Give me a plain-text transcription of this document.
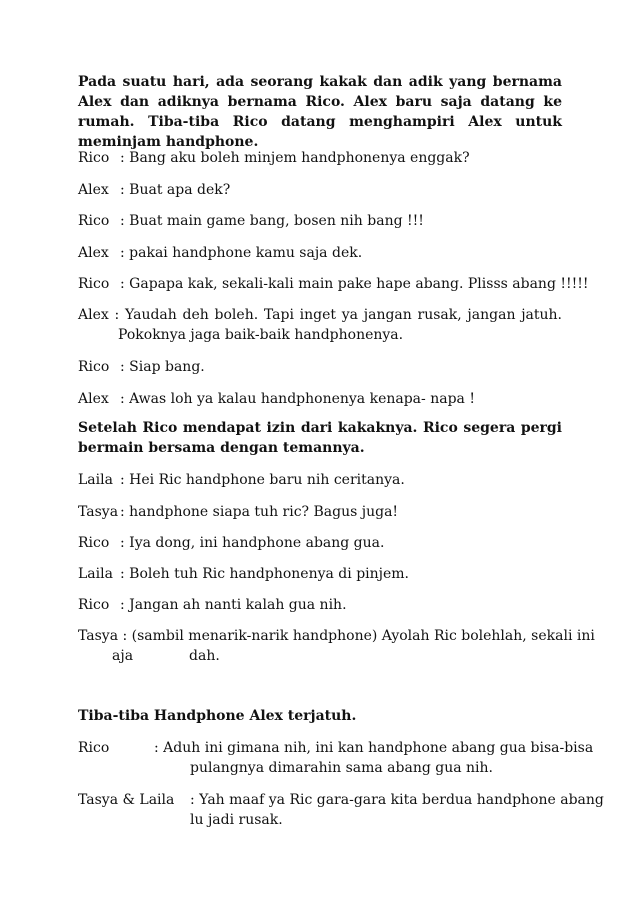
Pada suatu hari, ada seorang kakak dan adik yang bernama Alex dan adiknya bernama Rico. Alex baru saja datang ke rumah. Tiba-tiba Rico datang menghampiri Alex untuk meminjam handphone.
Rico : Bang aku boleh minjem handphonenya enggak?
Alex : Buat apa dek?
Rico : Buat main game bang, bosen nih bang !!!
Alex : pakai handphone kamu saja dek.
Rico : Gapapa kak, sekali-kali main pake hape abang. Plisss abang !!!!!
Alex : Yaudah deh boleh. Tapi inget ya jangan rusak, jangan jatuh.
Pokoknya jaga baik-baik handphonenya.
Rico : Siap bang.
Alex : Awas loh ya kalau handphonenya kenapa- napa !
Setelah Rico mendapat izin dari kakaknya. Rico segera pergi bermain bersama dengan temannya.
Laila : Hei Ric handphone baru nih ceritanya.
Tasya : handphone siapa tuh ric? Bagus juga!
Rico : Iya dong, ini handphone abang gua.
Laila : Boleh tuh Ric handphonenya di pinjem.
Rico : Jangan ah nanti kalah gua nih.
Tasya : (sambil menarik-narik handphone) Ayolah Ric bolehlah, sekali ini
aja	dah.
Tiba-tiba Handphone Alex terjatuh.
Rico	: Aduh ini gimana nih, ini kan handphone abang gua bisa-bisa
pulangnya dimarahin sama abang gua nih.
Tasya & Laila : Yah maaf ya Ric gara-gara kita berdua handphone abang
lu jadi rusak.
